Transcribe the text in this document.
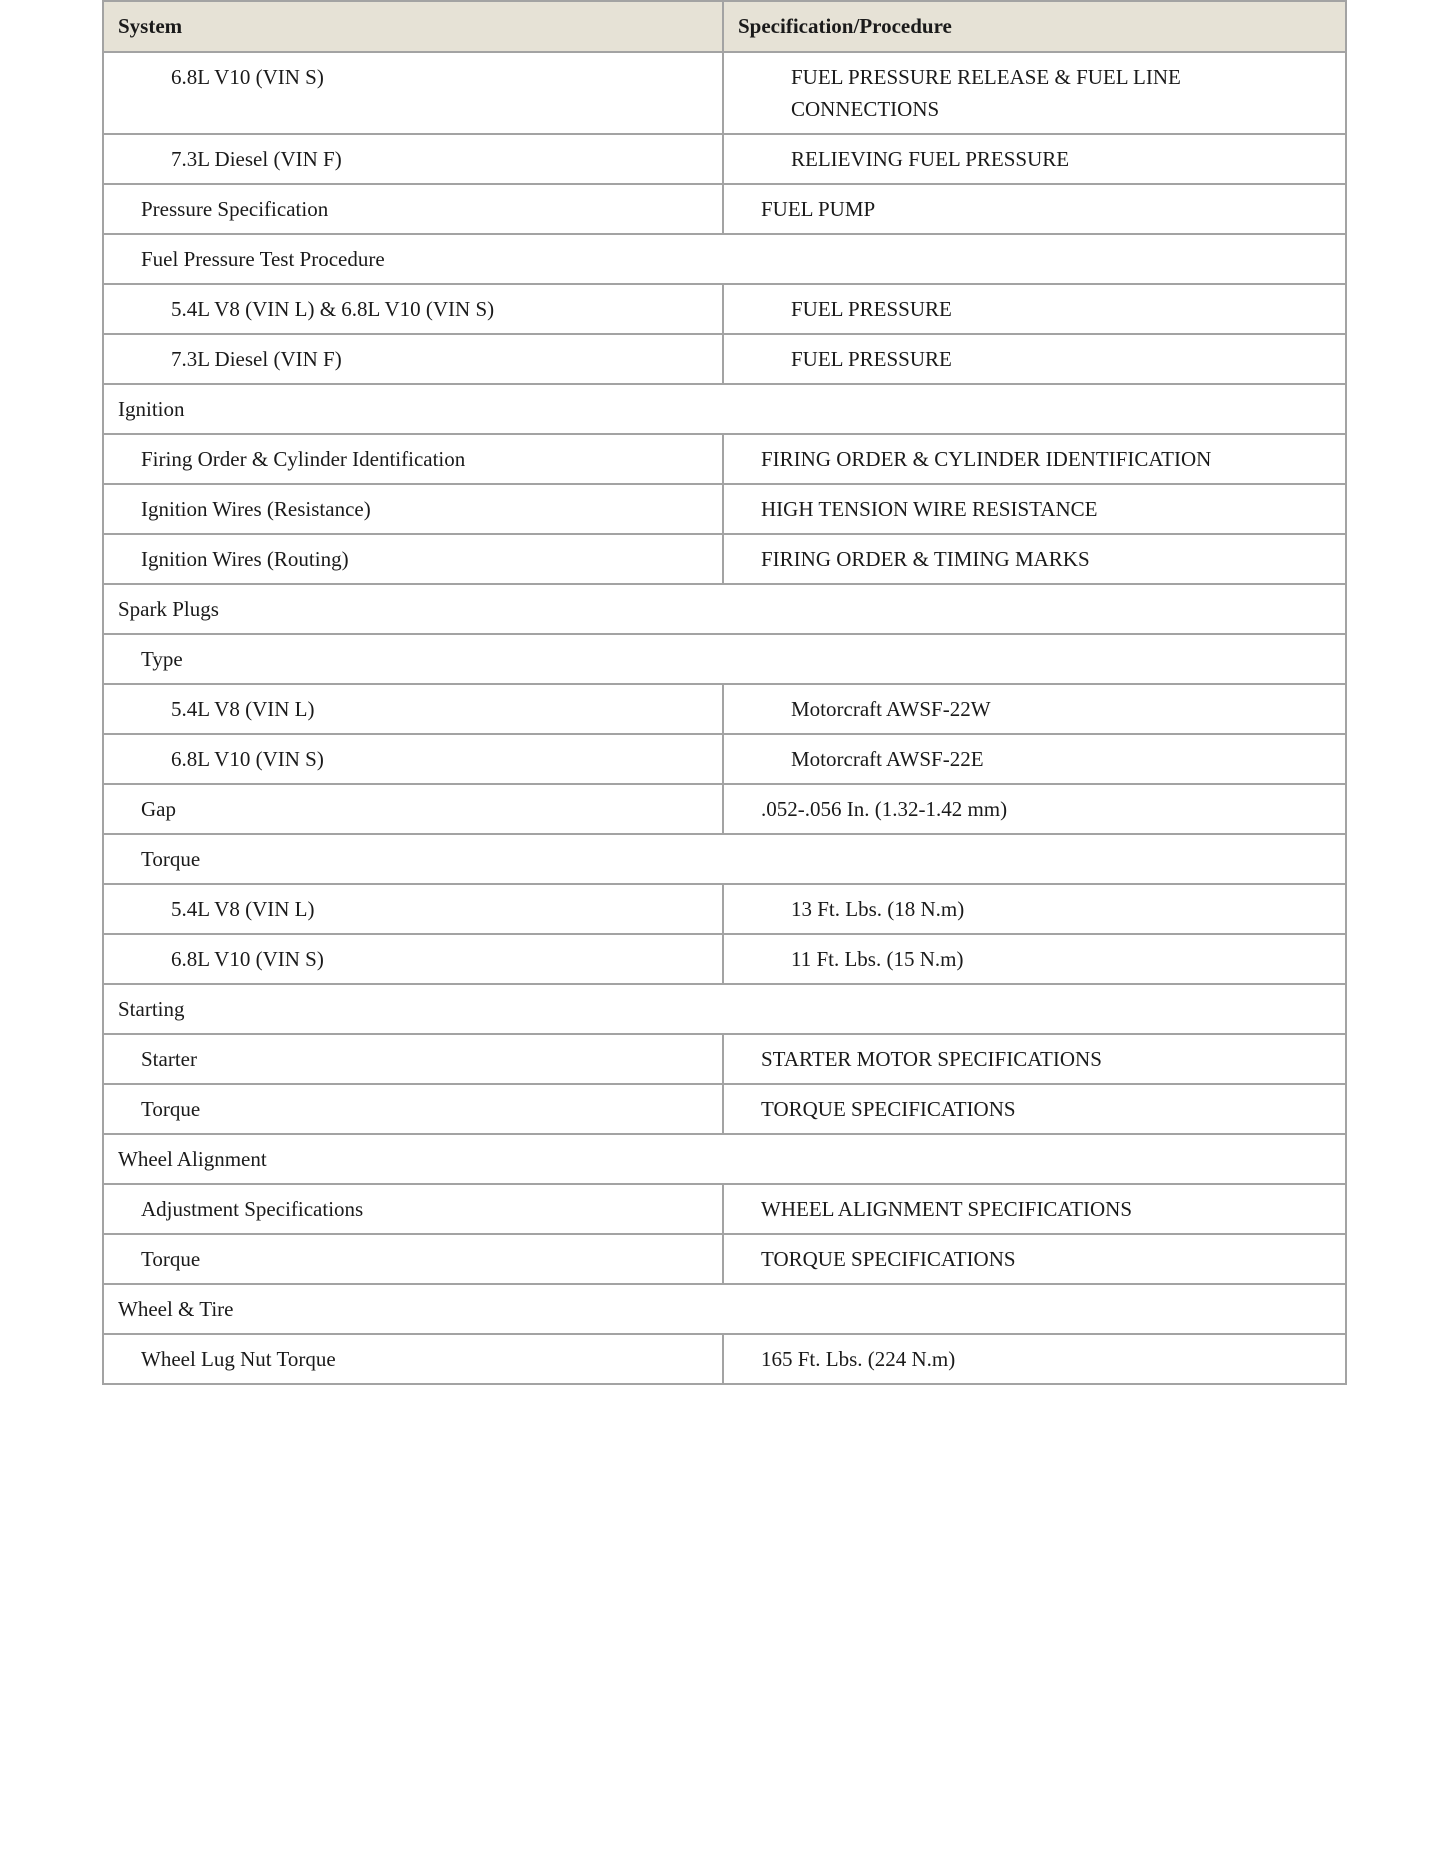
System	Specification/Procedure
6.8L V10 (VIN S)	FUEL PRESSURE RELEASE & FUEL LINE CONNECTIONS
7.3L Diesel (VIN F)	RELIEVING FUEL PRESSURE
Pressure Specification	FUEL PUMP
Fuel Pressure Test Procedure	
5.4L V8 (VIN L) & 6.8L V10 (VIN S)	FUEL PRESSURE
7.3L Diesel (VIN F)	FUEL PRESSURE
Ignition	
Firing Order & Cylinder Identification	FIRING ORDER & CYLINDER IDENTIFICATION
Ignition Wires (Resistance)	HIGH TENSION WIRE RESISTANCE
Ignition Wires (Routing)	FIRING ORDER & TIMING MARKS
Spark Plugs	
Type	
5.4L V8 (VIN L)	Motorcraft AWSF-22W
6.8L V10 (VIN S)	Motorcraft AWSF-22E
Gap	.052-.056 In. (1.32-1.42 mm)
Torque	
5.4L V8 (VIN L)	13 Ft. Lbs. (18 N.m)
6.8L V10 (VIN S)	11 Ft. Lbs. (15 N.m)
Starting	
Starter	STARTER MOTOR SPECIFICATIONS
Torque	TORQUE SPECIFICATIONS
Wheel Alignment	
Adjustment Specifications	WHEEL ALIGNMENT SPECIFICATIONS
Torque	TORQUE SPECIFICATIONS
Wheel & Tire	
Wheel Lug Nut Torque	165 Ft. Lbs. (224 N.m)
